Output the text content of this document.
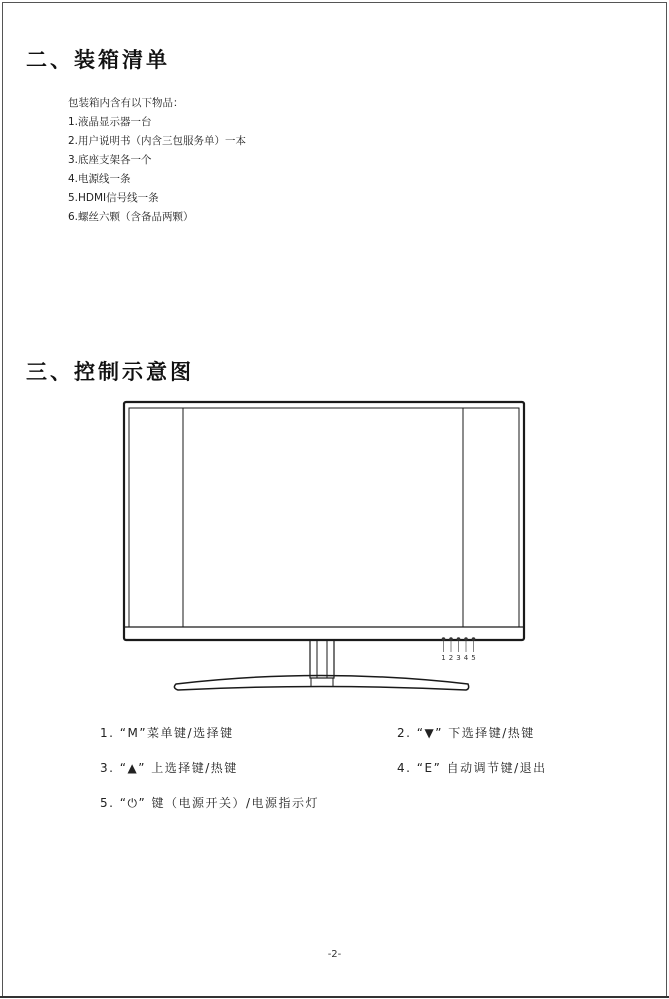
二、装箱清单

包装箱内含有以下物品：

1.液晶显示器一台
2.用户说明书（内含三包服务单）一本
3.底座支架各一个
4.电源线一条
5.HDMI信号线一条
6.螺丝六颗（含备品两颗）
三、控制示意图
1 2 3 4 5

1. “M”菜单键/选择键	2. “▼” 下选择键/热键

3. “▲” 上选择键/热键	4. “E” 自动调节键/退出

5. “⏻” 键（电源开关）/电源指示灯

-2-
